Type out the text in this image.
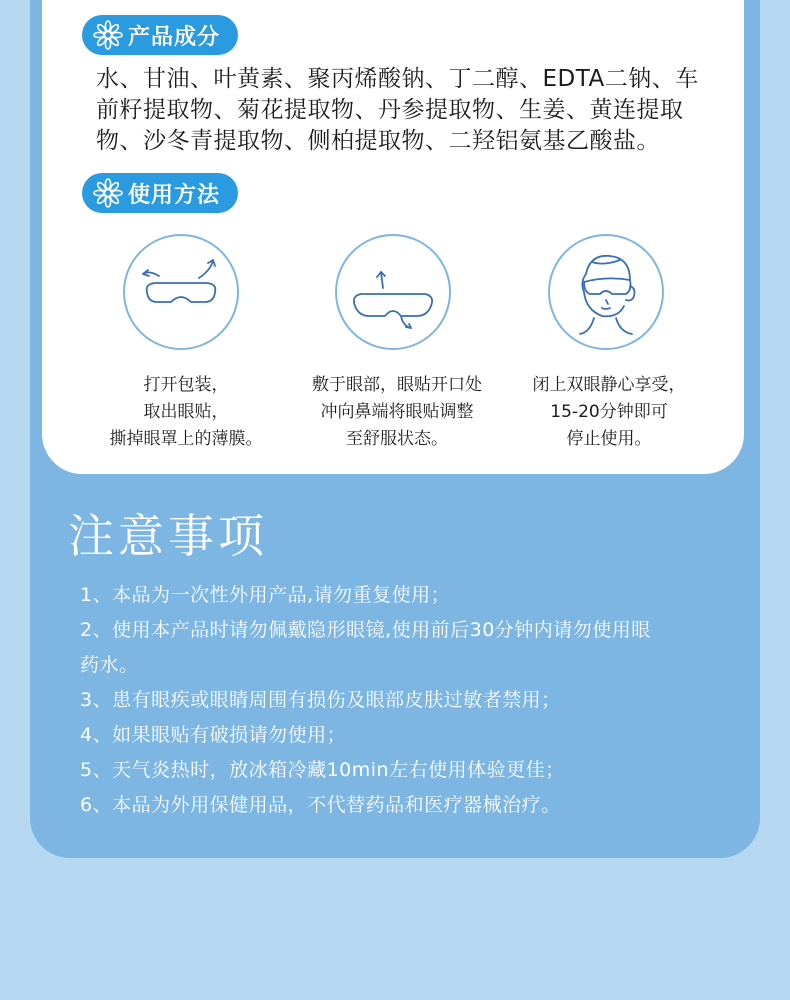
产品成分
水、甘油、叶黄素、聚丙烯酸钠、丁二醇、EDTA二钠、车
前籽提取物、菊花提取物、丹参提取物、生姜、黄连提取
物、沙冬青提取物、侧柏提取物、二羟铝氨基乙酸盐。
使用方法
打开包装，
取出眼贴，
撕掉眼罩上的薄膜。
敷于眼部，眼贴开口处
冲向鼻端将眼贴调整
至舒服状态。
闭上双眼静心享受，
15-20分钟即可
停止使用。
注意事项
1、本品为一次性外用产品,请勿重复使用；
2、使用本产品时请勿佩戴隐形眼镜,使用前后30分钟内请勿使用眼
药水。
3、患有眼疾或眼睛周围有损伤及眼部皮肤过敏者禁用；
4、如果眼贴有破损请勿使用；
5、天气炎热时，放冰箱冷藏10min左右使用体验更佳；
6、本品为外用保健用品，不代替药品和医疗器械治疗。
